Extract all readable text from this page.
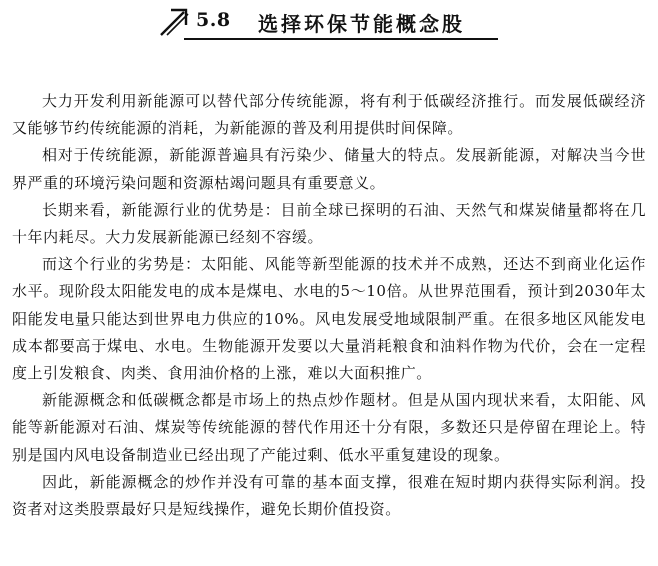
5.8 选择环保节能概念股

大力开发利用新能源可以替代部分传统能源，将有利于低碳经济推行。而发展低碳经济又能够节约传统能源的消耗，为新能源的普及利用提供时间保障。

相对于传统能源，新能源普遍具有污染少、储量大的特点。发展新能源，对解决当今世界严重的环境污染问题和资源枯竭问题具有重要意义。

长期来看，新能源行业的优势是：目前全球已探明的石油、天然气和煤炭储量都将在几十年内耗尽。大力发展新能源已经刻不容缓。

而这个行业的劣势是：太阳能、风能等新型能源的技术并不成熟，还达不到商业化运作水平。现阶段太阳能发电的成本是煤电、水电的5～10倍。从世界范围看，预计到2030年太阳能发电量只能达到世界电力供应的10%。风电发展受地域限制严重。在很多地区风能发电成本都要高于煤电、水电。生物能源开发要以大量消耗粮食和油料作物为代价，会在一定程度上引发粮食、肉类、食用油价格的上涨，难以大面积推广。

新能源概念和低碳概念都是市场上的热点炒作题材。但是从国内现状来看，太阳能、风能等新能源对石油、煤炭等传统能源的替代作用还十分有限，多数还只是停留在理论上。特别是国内风电设备制造业已经出现了产能过剩、低水平重复建设的现象。

因此，新能源概念的炒作并没有可靠的基本面支撑，很难在短时期内获得实际利润。投资者对这类股票最好只是短线操作，避免长期价值投资。
